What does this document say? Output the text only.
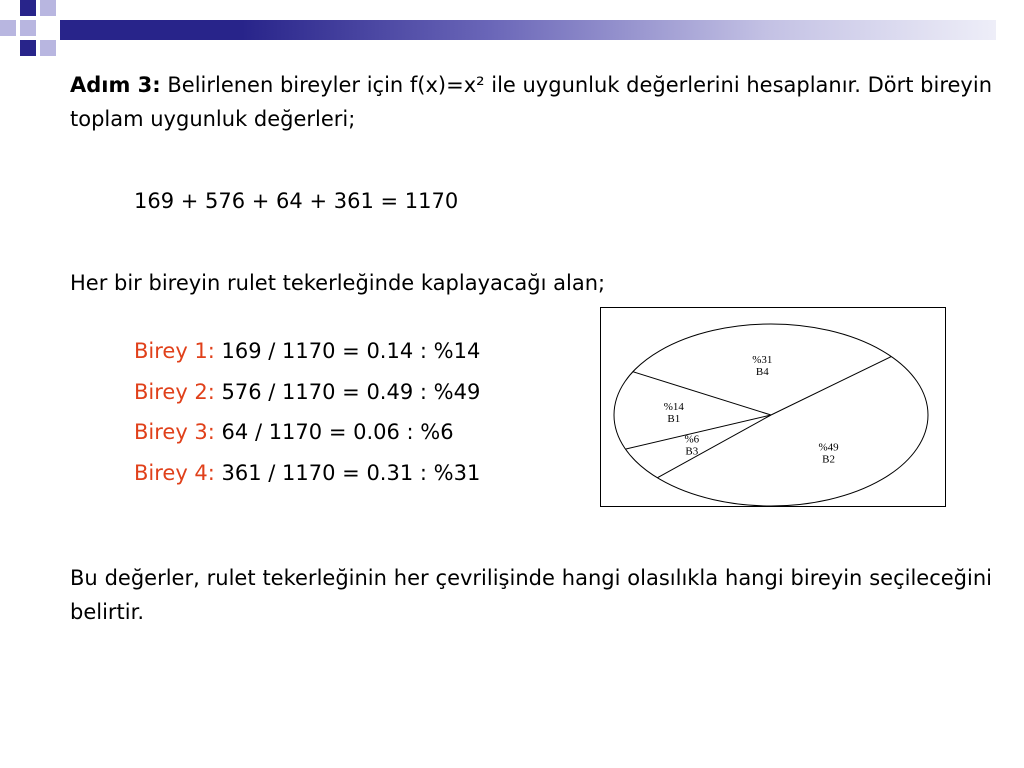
Adım 3: Belirlenen bireyler için f(x)=x² ile uygunluk değerlerini hesaplanır. Dört bireyin toplam uygunluk değerleri;
169 + 576 + 64 + 361 = 1170
Her bir bireyin rulet tekerleğinde kaplayacağı alan;
Birey 1: 169 / 1170 = 0.14 : %14
Birey 2: 576 / 1170 = 0.49 : %49
Birey 3: 64 / 1170 = 0.06 : %6
Birey 4: 361 / 1170 = 0.31 : %31
%31
B4
%14
B1
%6
B3	%49
B2
Bu değerler, rulet tekerleğinin her çevrilişinde hangi olasılıkla hangi bireyin seçileceğini belirtir.
